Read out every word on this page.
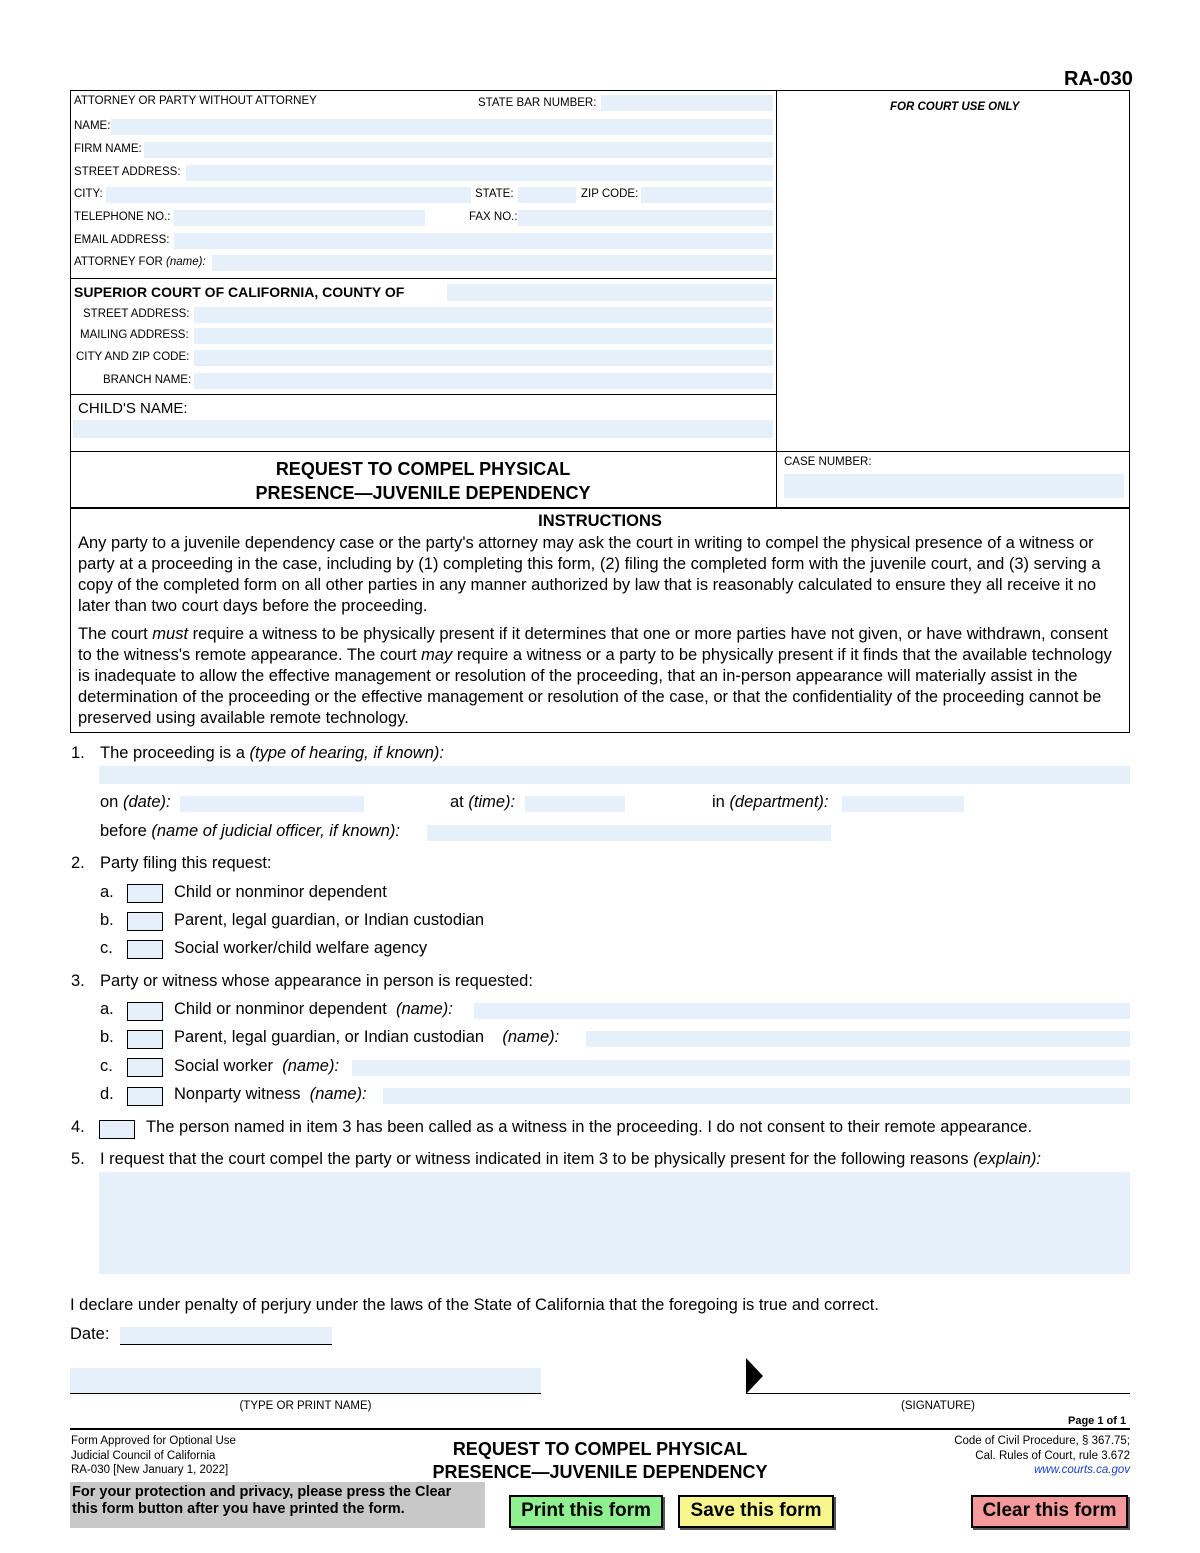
RA-030
ATTORNEY OR PARTY WITHOUT ATTORNEY	STATE BAR NUMBER:
NAME:
FIRM NAME:
STREET ADDRESS:
CITY:	STATE:	ZIP CODE:
TELEPHONE NO.:	FAX NO.:
EMAIL ADDRESS:
ATTORNEY FOR (name):
SUPERIOR COURT OF CALIFORNIA, COUNTY OF
STREET ADDRESS:
MAILING ADDRESS:
CITY AND ZIP CODE:
BRANCH NAME:
CHILD'S NAME:
FOR COURT USE ONLY
REQUEST TO COMPEL PHYSICAL
PRESENCE—JUVENILE DEPENDENCY
CASE NUMBER:
INSTRUCTIONS
Any party to a juvenile dependency case or the party's attorney may ask the court in writing to compel the physical presence of a witness or party at a proceeding in the case, including by (1) completing this form, (2) filing the completed form with the juvenile court, and (3) serving a copy of the completed form on all other parties in any manner authorized by law that is reasonably calculated to ensure they all receive it no later than two court days before the proceeding.
The court must require a witness to be physically present if it determines that one or more parties have not given, or have withdrawn, consent to the witness's remote appearance. The court may require a witness or a party to be physically present if it finds that the available technology is inadequate to allow the effective management or resolution of the proceeding, that an in-person appearance will materially assist in the determination of the proceeding or the effective management or resolution of the case, or that the confidentiality of the proceeding cannot be preserved using available remote technology.
1. The proceeding is a (type of hearing, if known):
on (date):	at (time):	in (department):
before (name of judicial officer, if known):
2. Party filing this request:
a.	Child or nonminor dependent
b.	Parent, legal guardian, or Indian custodian
c.	Social worker/child welfare agency
3. Party or witness whose appearance in person is requested:
a.	Child or nonminor dependent (name):
b.	Parent, legal guardian, or Indian custodian (name):
c.	Social worker (name):
d.	Nonparty witness (name):
4.	The person named in item 3 has been called as a witness in the proceeding. I do not consent to their remote appearance.
5. I request that the court compel the party or witness indicated in item 3 to be physically present for the following reasons (explain):
I declare under penalty of perjury under the laws of the State of California that the foregoing is true and correct.
Date:
(TYPE OR PRINT NAME)	(SIGNATURE)
Page 1 of 1
Form Approved for Optional Use
Judicial Council of California
RA-030 [New January 1, 2022]
REQUEST TO COMPEL PHYSICAL
PRESENCE—JUVENILE DEPENDENCY
Code of Civil Procedure, § 367.75;
Cal. Rules of Court, rule 3.672
www.courts.ca.gov
For your protection and privacy, please press the Clear
this form button after you have printed the form.	Print this form	Save this form	Clear this form
